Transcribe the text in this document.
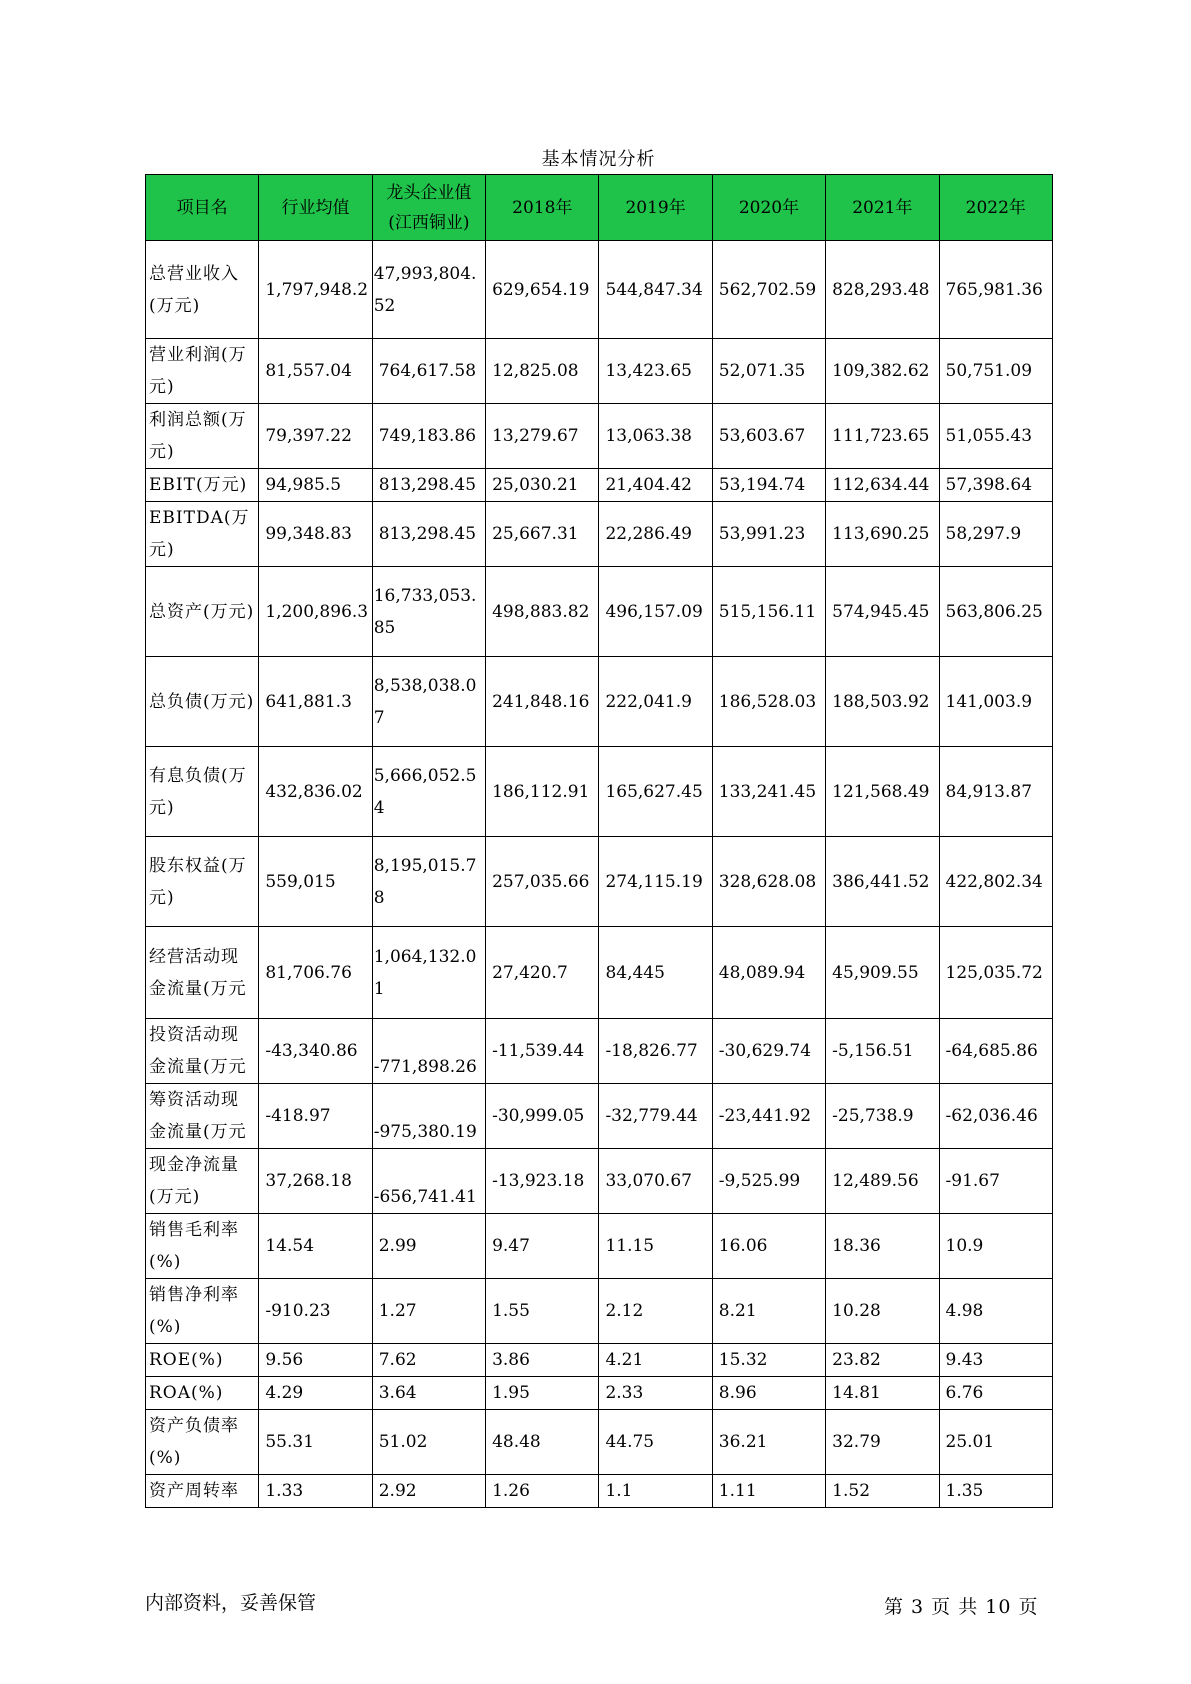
基本情况分析
项目名	行业均值	龙头企业值(江西铜业)	2018年	2019年	2020年	2021年	2022年
总营业收入(万元)	1,797,948.2	47,993,804.52	629,654.19	544,847.34	562,702.59	828,293.48	765,981.36
营业利润(万元)	81,557.04	764,617.58	12,825.08	13,423.65	52,071.35	109,382.62	50,751.09
利润总额(万元)	79,397.22	749,183.86	13,279.67	13,063.38	53,603.67	111,723.65	51,055.43
EBIT(万元)	94,985.5	813,298.45	25,030.21	21,404.42	53,194.74	112,634.44	57,398.64
EBITDA(万元)	99,348.83	813,298.45	25,667.31	22,286.49	53,991.23	113,690.25	58,297.9
总资产(万元)	1,200,896.3	16,733,053.85	498,883.82	496,157.09	515,156.11	574,945.45	563,806.25
总负债(万元)	641,881.3	8,538,038.07	241,848.16	222,041.9	186,528.03	188,503.92	141,003.9
有息负债(万元)	432,836.02	5,666,052.54	186,112.91	165,627.45	133,241.45	121,568.49	84,913.87
股东权益(万元)	559,015	8,195,015.78	257,035.66	274,115.19	328,628.08	386,441.52	422,802.34
经营活动现金流量(万元	81,706.76	1,064,132.01	27,420.7	84,445	48,089.94	45,909.55	125,035.72
投资活动现金流量(万元	-43,340.86	-771,898.26	-11,539.44	-18,826.77	-30,629.74	-5,156.51	-64,685.86
筹资活动现金流量(万元	-418.97	-975,380.19	-30,999.05	-32,779.44	-23,441.92	-25,738.9	-62,036.46
现金净流量(万元)	37,268.18	-656,741.41	-13,923.18	33,070.67	-9,525.99	12,489.56	-91.67
销售毛利率(%)	14.54	2.99	9.47	11.15	16.06	18.36	10.9
销售净利率(%)	-910.23	1.27	1.55	2.12	8.21	10.28	4.98
ROE(%)	9.56	7.62	3.86	4.21	15.32	23.82	9.43
ROA(%)	4.29	3.64	1.95	2.33	8.96	14.81	6.76
资产负债率(%)	55.31	51.02	48.48	44.75	36.21	32.79	25.01
资产周转率	1.33	2.92	1.26	1.1	1.11	1.52	1.35
内部资料，妥善保管	第 3 页 共 10 页
